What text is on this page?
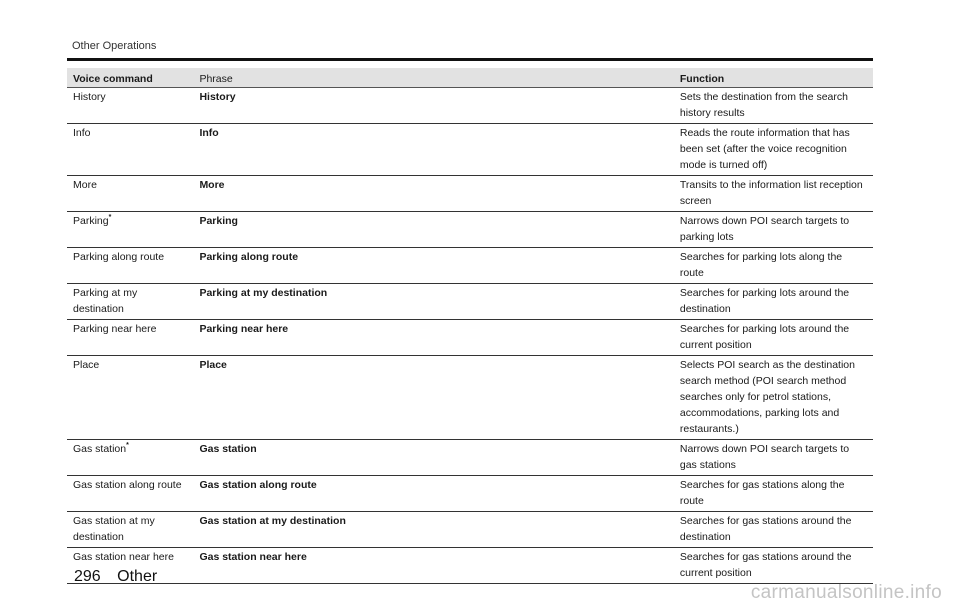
Other Operations
Voice command	Phrase	Function
History	History	Sets the destination from the search history results
Info	Info	Reads the route information that has been set (after the voice recognition mode is turned off)
More	More	Transits to the information list reception screen
Parking*	Parking	Narrows down POI search targets to parking lots
Parking along route	Parking along route	Searches for parking lots along the route
Parking at my destination	Parking at my destination	Searches for parking lots around the destination
Parking near here	Parking near here	Searches for parking lots around the current position
Place	Place	Selects POI search as the destination search method (POI search method searches only for petrol stations, accommodations, parking lots and restaurants.)
Gas station*	Gas station	Narrows down POI search targets to gas stations
Gas station along route	Gas station along route	Searches for gas stations along the route
Gas station at my destination	Gas station at my destination	Searches for gas stations around the destination
Gas station near here	Gas station near here	Searches for gas stations around the current position
296 Other
carmanualsonline.info
